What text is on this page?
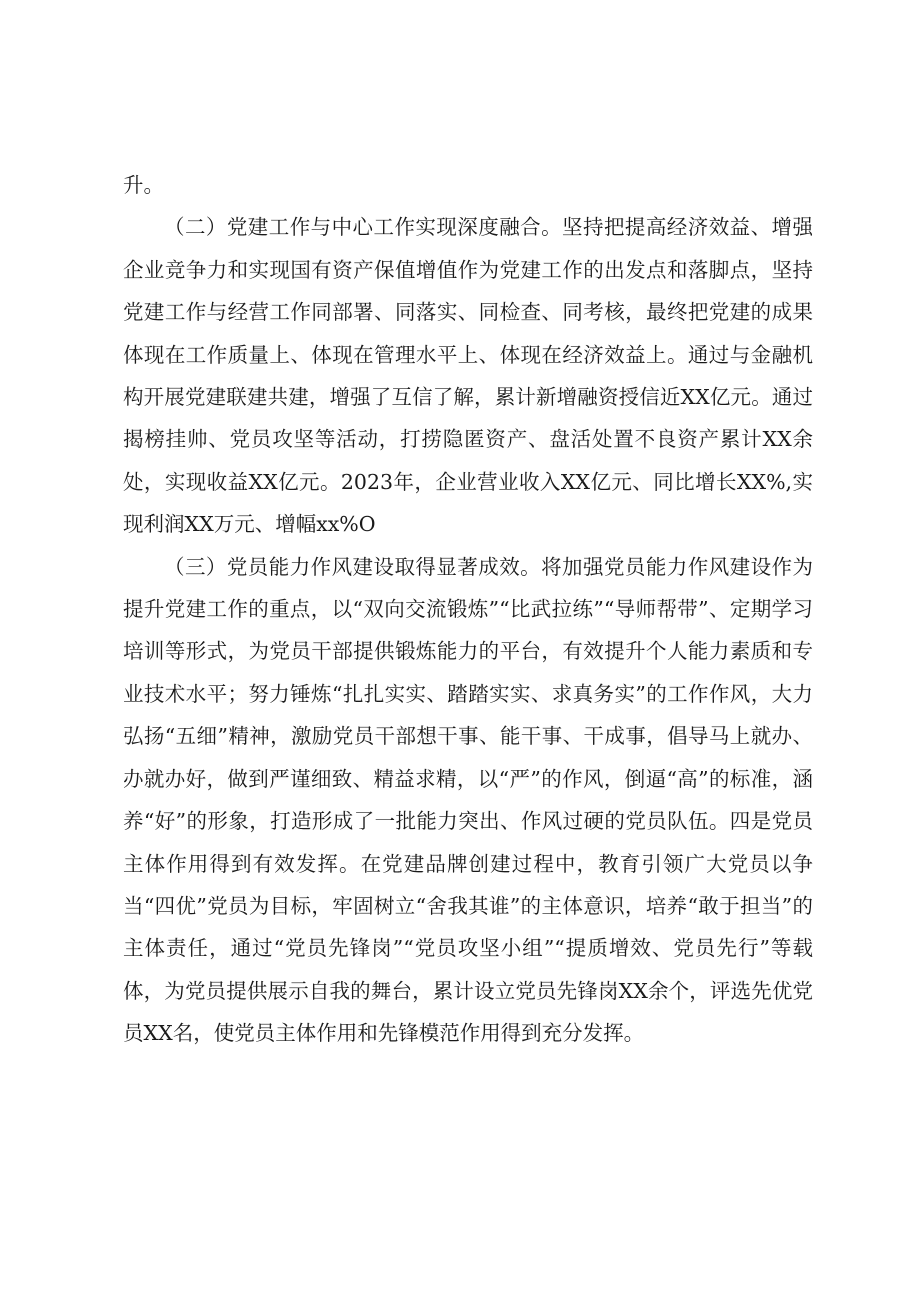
升。

（二）党建工作与中心工作实现深度融合。坚持把提高经济效益、增强企业竞争力和实现国有资产保值增值作为党建工作的出发点和落脚点，坚持党建工作与经营工作同部署、同落实、同检查、同考核，最终把党建的成果体现在工作质量上、体现在管理水平上、体现在经济效益上。通过与金融机构开展党建联建共建，增强了互信了解，累计新增融资授信近XX亿元。通过揭榜挂帅、党员攻坚等活动，打捞隐匿资产、盘活处置不良资产累计XX余处，实现收益XX亿元。2023年，企业营业收入XX亿元、同比增长XX%,实现利润XX万元、增幅xx%O

（三）党员能力作风建设取得显著成效。将加强党员能力作风建设作为提升党建工作的重点，以“双向交流锻炼”“比武拉练”“导师帮带”、定期学习培训等形式，为党员干部提供锻炼能力的平台，有效提升个人能力素质和专业技术水平；努力锤炼“扎扎实实、踏踏实实、求真务实”的工作作风，大力弘扬“五细”精神，激励党员干部想干事、能干事、干成事，倡导马上就办、办就办好，做到严谨细致、精益求精，以“严”的作风，倒逼“高”的标准，涵养“好”的形象，打造形成了一批能力突出、作风过硬的党员队伍。四是党员主体作用得到有效发挥。在党建品牌创建过程中，教育引领广大党员以争当“四优”党员为目标，牢固树立“舍我其谁”的主体意识，培养“敢于担当”的主体责任，通过“党员先锋岗”“党员攻坚小组”“提质增效、党员先行”等载体，为党员提供展示自我的舞台，累计设立党员先锋岗XX余个，评选先优党员XX名，使党员主体作用和先锋模范作用得到充分发挥。
